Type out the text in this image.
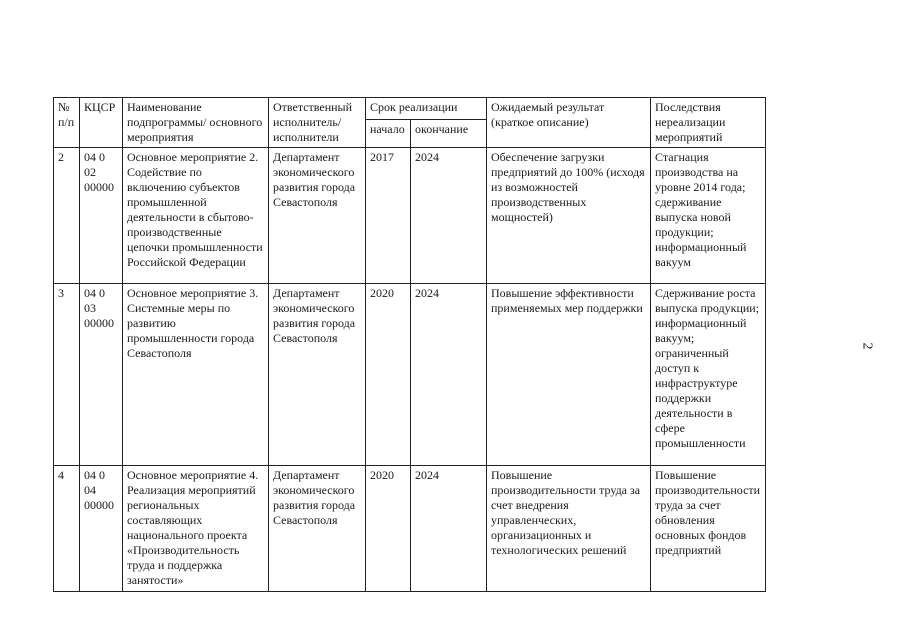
2
№ п/п	КЦСР	Наименование подпрограммы/ основного мероприятия	Ответственный исполнитель/ исполнители	Срок реализации		Ожидаемый результат (краткое описание)	Последствия нереализации мероприятий
				начало	окончание		
2	04 0 02 00000	Основное мероприятие 2. Содействие по включению субъектов промышленной деятельности в сбытово-производственные цепочки промышленности Российской Федерации	Департамент экономического развития города Севастополя	2017	2024	Обеспечение загрузки предприятий до 100% (исходя из возможностей производственных мощностей)	Стагнация производства на уровне 2014 года; сдерживание выпуска новой продукции; информационный вакуум
3	04 0 03 00000	Основное мероприятие 3. Системные меры по развитию промышленности города Севастополя	Департамент экономического развития города Севастополя	2020	2024	Повышение эффективности применяемых мер поддержки	Сдерживание роста выпуска продукции; информационный вакуум; ограниченный доступ к инфраструктуре поддержки деятельности в сфере промышленности
4	04 0 04 00000	Основное мероприятие 4. Реализация мероприятий региональных составляющих национального проекта «Производительность труда и поддержка занятости»	Департамент экономического развития города Севастополя	2020	2024	Повышение производительности труда за счет внедрения управленческих, организационных и технологических решений	Повышение производительности труда за счет обновления основных фондов предприятий
